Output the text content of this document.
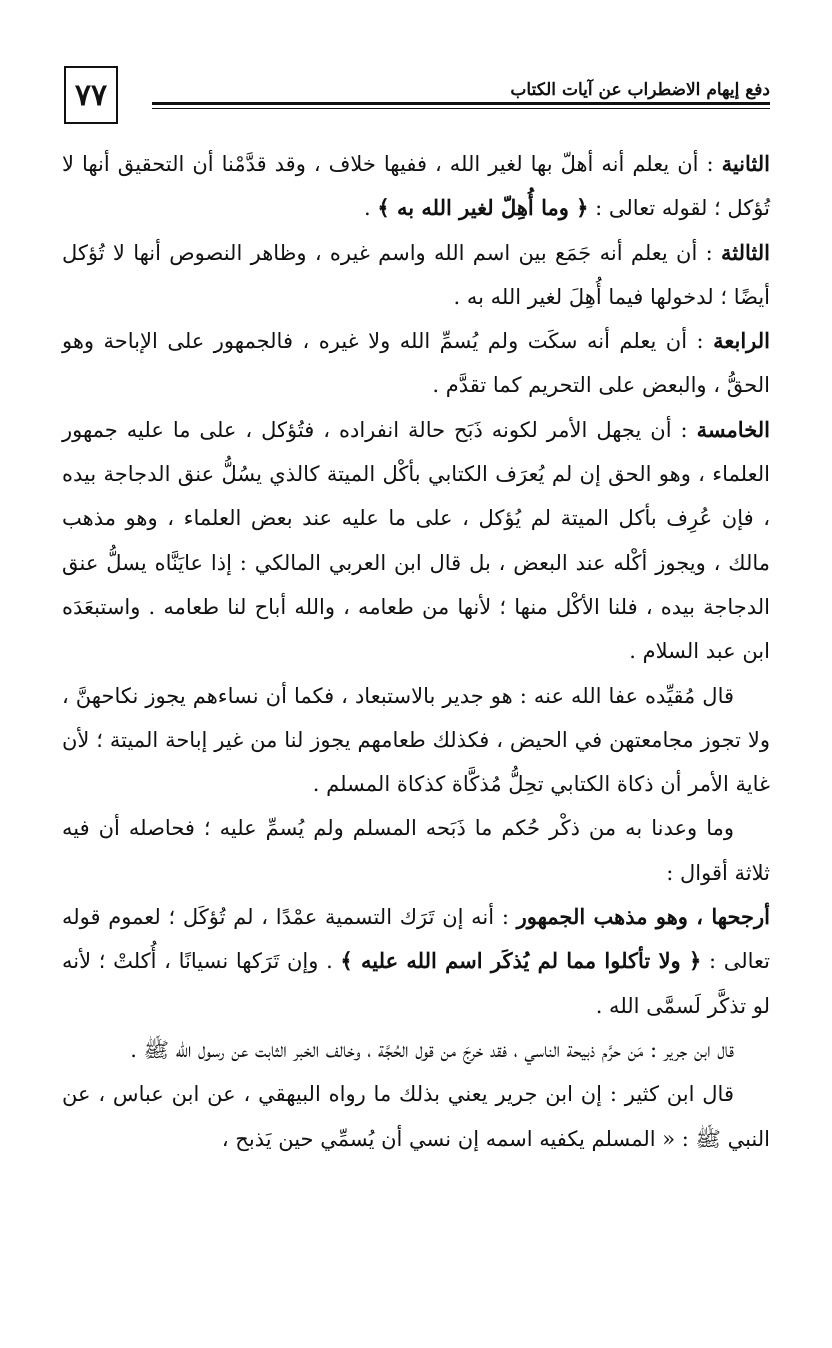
٧٧	دفع إيهام الاضطراب عن آيات الكتاب

الثانية : أن يعلم أنه أهلّ بها لغير الله ، ففيها خلاف ، وقد قدَّمْنا أن التحقيق أنها لا تُؤكل ؛ لقوله تعالى : ﴿ وما أُهِلّ لغير الله به ﴾ .

الثالثة : أن يعلم أنه جَمَع بين اسم الله واسم غيره ، وظاهر النصوص أنها لا تُؤكل أيضًا ؛ لدخولها فيما أُهِلَ لغير الله به .

الرابعة : أن يعلم أنه سكَت ولم يُسمِّ الله ولا غيره ، فالجمهور على الإباحة وهو الحقُّ ، والبعض على التحريم كما تقدَّم .

الخامسة : أن يجهل الأمر لكونه ذَبَح حالة انفراده ، فتُؤكل ، على ما عليه جمهور العلماء ، وهو الحق إن لم يُعرَف الكتابي بأكْل الميتة كالذي يسُلُّ عنق الدجاجة بيده ، فإن عُرِف بأكل الميتة لم يُؤكل ، على ما عليه عند بعض العلماء ، وهو مذهب مالك ، ويجوز أكْله عند البعض ، بل قال ابن العربي المالكي : إذا عايَنَّاه يسلُّ عنق الدجاجة بيده ، فلنا الأكْل منها ؛ لأنها من طعامه ، والله أباح لنا طعامه . واستبعَدَه ابن عبد السلام .

قال مُقيِّده عفا الله عنه : هو جدير بالاستبعاد ، فكما أن نساءهم يجوز نكاحهنَّ ، ولا تجوز مجامعتهن في الحيض ، فكذلك طعامهم يجوز لنا من غير إباحة الميتة ؛ لأن غاية الأمر أن ذكاة الكتابي تحِلُّ مُذكَّاة كذكاة المسلم .

وما وعدنا به من ذكْر حُكم ما ذَبَحه المسلم ولم يُسمِّ عليه ؛ فحاصله أن فيه ثلاثة أقوال :

أرجحها ، وهو مذهب الجمهور : أنه إن تَرَك التسمية عمْدًا ، لم تُؤكَل ؛ لعموم قوله تعالى : ﴿ ولا تأكلوا مما لم يُذكَر اسم الله عليه ﴾ . وإن تَرَكها نسيانًا ، أُكلتْ ؛ لأنه لو تذكَّر لَسمَّى الله .

قال ابن جرير : مَن حرَّم ذبيحة الناسي ، فقد خرجَ من قول الحُجَّة ، وخالف الخبر الثابت عن رسول الله ﷺ .

قال ابن كثير : إن ابن جرير يعني بذلك ما رواه البيهقي ، عن ابن عباس ، عن النبي ﷺ : « المسلم يكفيه اسمه إن نسي أن يُسمِّي حين يَذبح ،
